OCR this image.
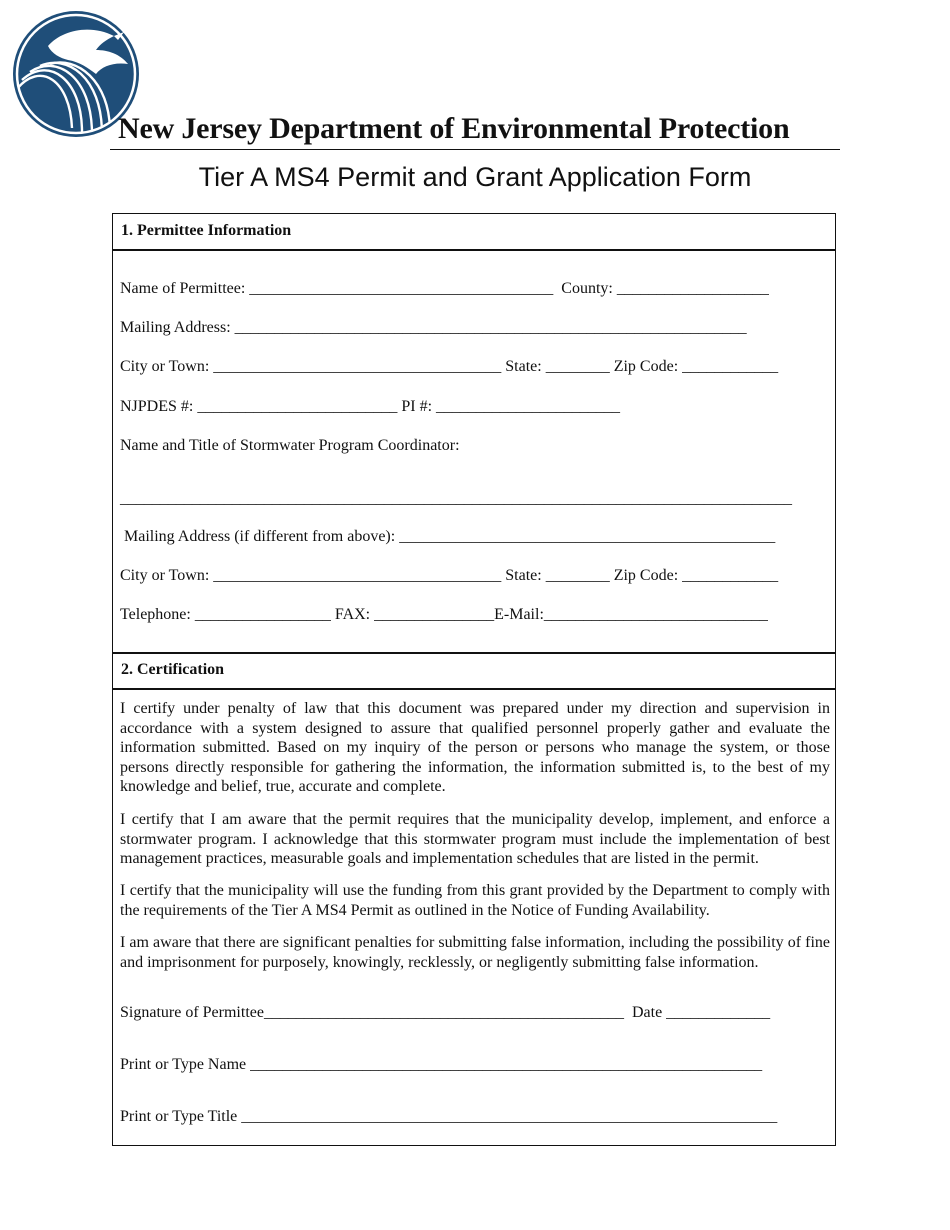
New Jersey Department of Environmental Protection
Tier A MS4 Permit and Grant Application Form
1. Permittee Information
Name of Permittee: ______________________________________  County: ___________________
Mailing Address: ________________________________________________________________
City or Town: ____________________________________ State: ________ Zip Code: ____________
NJPDES #: _________________________ PI #: _______________________
Name and Title of Stormwater Program Coordinator:
____________________________________________________________________________________
Mailing Address (if different from above): _______________________________________________
City or Town: ____________________________________ State: ________ Zip Code: ____________
Telephone: _________________ FAX: _______________E-Mail:____________________________
2. Certification

I certify under penalty of law that this document was prepared under my direction and supervision in accordance with a system designed to assure that qualified personnel properly gather and evaluate the information submitted. Based on my inquiry of the person or persons who manage the system, or those persons directly responsible for gathering the information, the information submitted is, to the best of my knowledge and belief, true, accurate and complete.

I certify that I am aware that the permit requires that the municipality develop, implement, and enforce a stormwater program. I acknowledge that this stormwater program must include the implementation of best management practices, measurable goals and implementation schedules that are listed in the permit.

I certify that the municipality will use the funding from this grant provided by the Department to comply with the requirements of the Tier A MS4 Permit as outlined in the Notice of Funding Availability.

I am aware that there are significant penalties for submitting false information, including the possibility of fine and imprisonment for purposely, knowingly, recklessly, or negligently submitting false information.

Signature of Permittee_____________________________________________  Date _____________
Print or Type Name ________________________________________________________________
Print or Type Title ___________________________________________________________________
